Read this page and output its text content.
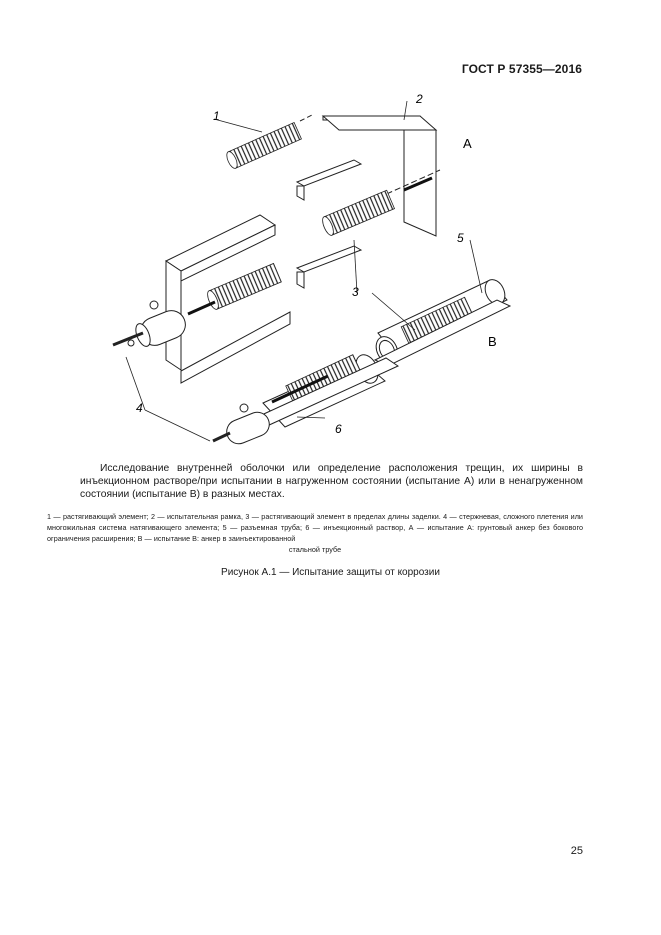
ГОСТ Р 57355—2016
1
2
3
4
5
6
A
B

Исследование внутренней оболочки или определение расположения трещин, их ширины в инъекционном растворе/при испытании в нагруженном состоянии (испытание А) или в ненагруженном состоянии (испытание В) в разных местах.

1 — растягивающий элемент; 2 — испытательная рамка, 3 — растягивающий элемент в пределах длины заделки. 4 — стержневая, сложного плетения или многожильная система натягивающего элемента; 5 — разъемная труба; 6 — инъекционный раствор, А — испытание А: грунтовый анкер без бокового ограничения расширения; В — испытание В: анкер в заинъектированной
стальной трубе

Рисунок А.1 — Испытание защиты от коррозии
25
